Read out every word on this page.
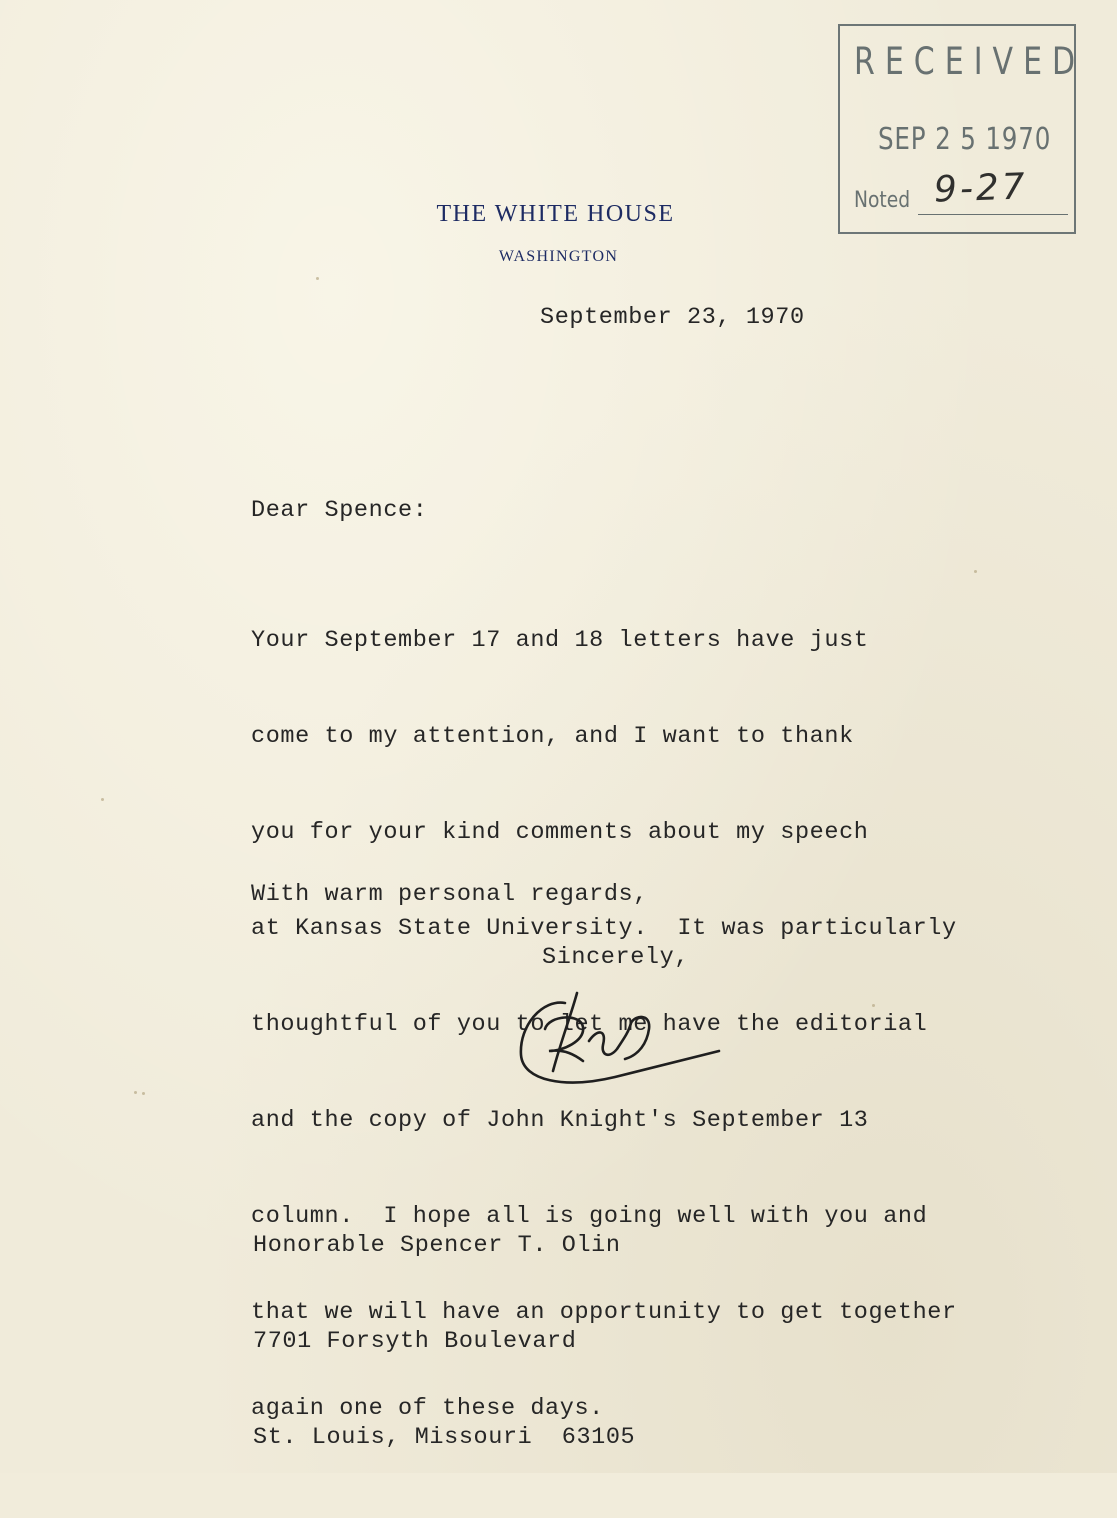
RECEIVED
SEP 2 5 1970
Noted 9-27
THE WHITE HOUSE
WASHINGTON
September 23, 1970
Dear Spence:

Your September 17 and 18 letters have just

come to my attention, and I want to thank

you for your kind comments about my speech

at Kansas State University.  It was particularly

thoughtful of you to let me have the editorial

and the copy of John Knight's September 13

column.  I hope all is going well with you and

that we will have an opportunity to get together

again one of these days.

With warm personal regards,
Sincerely,

Honorable Spencer T. Olin

7701 Forsyth Boulevard

St. Louis, Missouri  63105
